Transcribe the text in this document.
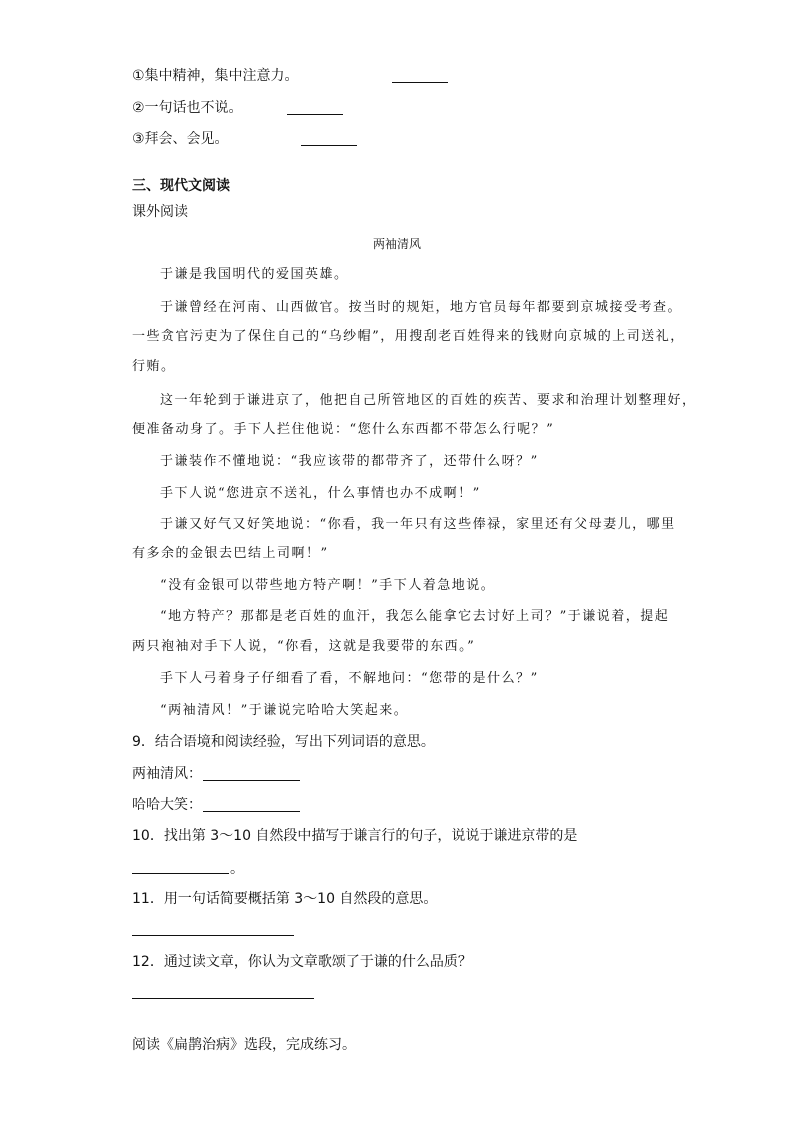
①集中精神，集中注意力。
②一句话也不说。
③拜会、会见。
三、现代文阅读
课外阅读
两袖清风
于谦是我国明代的爱国英雄。
于谦曾经在河南、山西做官。按当时的规矩，地方官员每年都要到京城接受考查。
一些贪官污吏为了保住自己的“乌纱帽”，用搜刮老百姓得来的钱财向京城的上司送礼，
行贿。
这一年轮到于谦进京了，他把自己所管地区的百姓的疾苦、要求和治理计划整理好，
便准备动身了。手下人拦住他说：“您什么东西都不带怎么行呢？”
于谦装作不懂地说：“我应该带的都带齐了，还带什么呀？”
手下人说“您进京不送礼，什么事情也办不成啊！”
于谦又好气又好笑地说：“你看，我一年只有这些俸禄，家里还有父母妻儿，哪里
有多余的金银去巴结上司啊！”
“没有金银可以带些地方特产啊！”手下人着急地说。
“地方特产？那都是老百姓的血汗，我怎么能拿它去讨好上司？”于谦说着，提起
两只袍袖对手下人说，“你看，这就是我要带的东西。”
手下人弓着身子仔细看了看，不解地问：“您带的是什么？”
“两袖清风！”于谦说完哈哈大笑起来。
9．结合语境和阅读经验，写出下列词语的意思。
两袖清风：
哈哈大笑：
10．找出第 3～10 自然段中描写于谦言行的句子，说说于谦进京带的是
。
11．用一句话简要概括第 3～10 自然段的意思。
12．通过读文章，你认为文章歌颂了于谦的什么品质？
阅读《扁鹊治病》选段，完成练习。
